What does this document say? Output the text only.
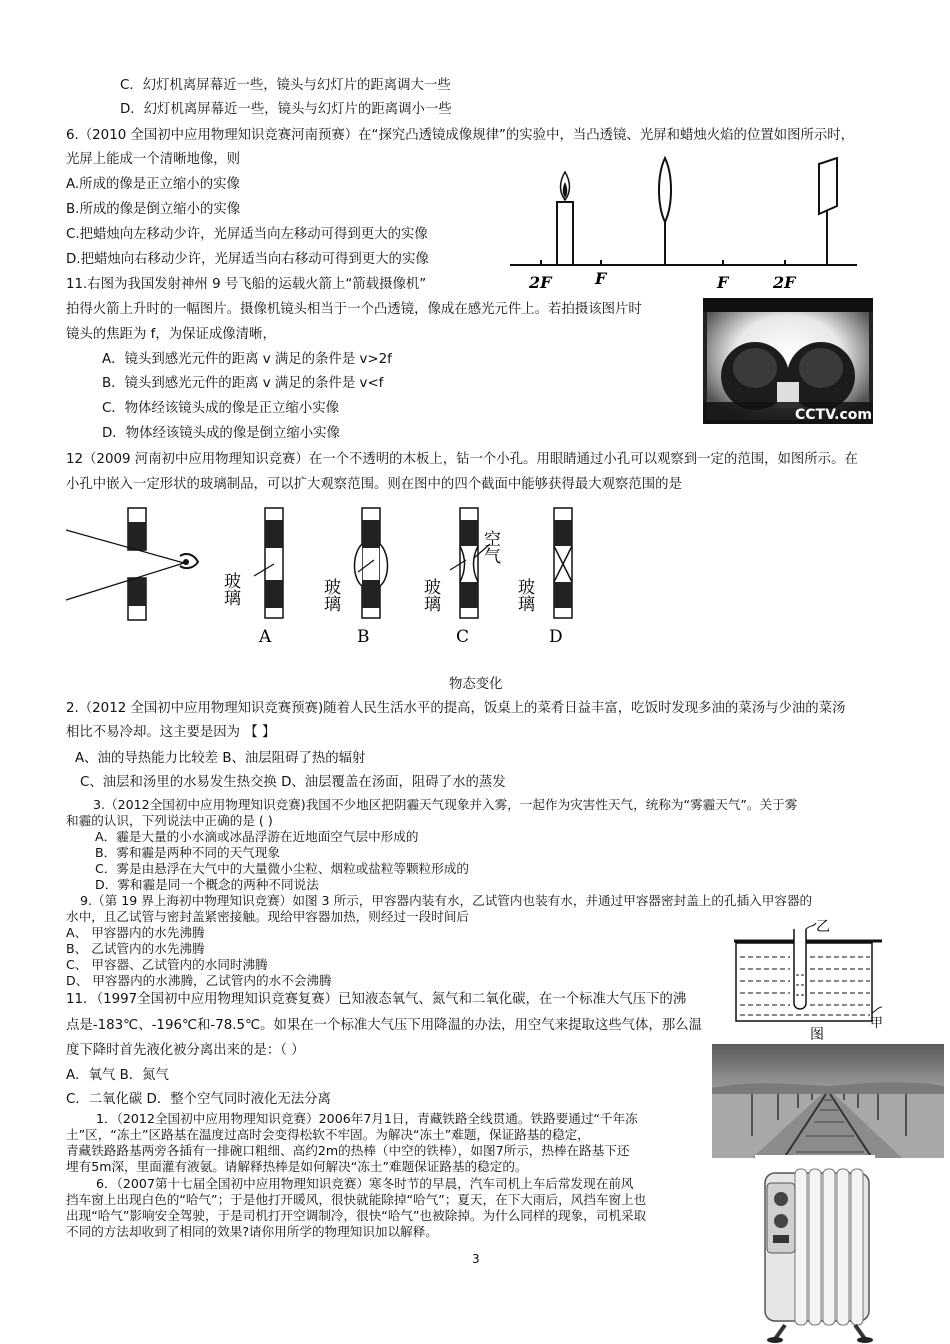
C．幻灯机离屏幕近一些，镜头与幻灯片的距离调大一些
D．幻灯机离屏幕近一些，镜头与幻灯片的距离调小一些
6.（2010 全国初中应用物理知识竞赛河南预赛）在“探究凸透镜成像规律”的实验中，当凸透镜、光屏和蜡烛火焰的位置如图所示时，
光屏上能成一个清晰地像，则
A.所成的像是正立缩小的实像
B.所成的像是倒立缩小的实像
C.把蜡烛向左移动少许，光屏适当向左移动可得到更大的实像
D.把蜡烛向右移动少许，光屏适当向右移动可得到更大的实像
11.右图为我国发射神州 9 号飞船的运载火箭上“箭载摄像机”
拍得火箭上升时的一幅图片。摄像机镜头相当于一个凸透镜，像成在感光元件上。若拍摄该图片时
镜头的焦距为 f，为保证成像清晰，
A．镜头到感光元件的距离 v 满足的条件是 v>2f
B．镜头到感光元件的距离 v 满足的条件是 v<f
C．物体经该镜头成的像是正立缩小实像
D．物体经该镜头成的像是倒立缩小实像
12（2009 河南初中应用物理知识竞赛）在一个不透明的木板上，钻一个小孔。用眼睛通过小孔可以观察到一定的范围，如图所示。在
小孔中嵌入一定形状的玻璃制品，可以扩大观察范围。则在图中的四个截面中能够获得最大观察范围的是
物态变化
2.（2012 全国初中应用物理知识竞赛预赛)随着人民生活水平的提高，饭桌上的菜肴日益丰富，吃饭时发现多油的菜汤与少油的菜汤
相比不易冷却。这主要是因为 【 】
A、油的导热能力比较差 B、油层阻碍了热的辐射
C、油层和汤里的水易发生热交换 D、油层覆盖在汤面，阻碍了水的蒸发
3.（2012全国初中应用物理知识竞赛)我国不少地区把阴霾天气现象并入雾，一起作为灾害性天气，统称为“雾霾天气”。关于雾
和霾的认识，下列说法中正确的是 ( )
A．霾是大量的小水滴或冰晶浮游在近地面空气层中形成的
B．雾和霾是两种不同的天气现象
C．雾是由悬浮在大气中的大量微小尘粒、烟粒或盐粒等颗粒形成的
D．雾和霾是同一个概念的两种不同说法
9.（第 19 界上海初中物理知识竞赛）如图 3 所示，甲容器内装有水，乙试管内也装有水，并通过甲容器密封盖上的孔插入甲容器的
水中，且乙试管与密封盖紧密接触。现给甲容器加热，则经过一段时间后
A、 甲容器内的水先沸腾
B、 乙试管内的水先沸腾
C、 甲容器、乙试管内的水同时沸腾
D、 甲容器内的水沸腾，乙试管内的水不会沸腾
11．（1997全国初中应用物理知识竞赛复赛）已知液态氧气、氮气和二氧化碳，在一个标准大气压下的沸
点是-183℃、-196℃和-78.5℃。如果在一个标准大气压下用降温的办法，用空气来提取这些气体，那么温
度下降时首先液化被分离出来的是：（ ）
A．氧气 B．氮气
C．二氧化碳 D．整个空气同时液化无法分离
1．（2012全国初中应用物理知识竞赛）2006年7月1日，青藏铁路全线贯通。铁路要通过“千年冻
土”区，“冻土”区路基在温度过高时会变得松软不牢固。为解决“冻土”难题，保证路基的稳定，
青藏铁路路基两旁各插有一排碗口粗细、高约2m的热棒（中空的铁棒），如图7所示，热棒在路基下还
埋有5m深，里面灌有液氨。请解释热棒是如何解决“冻土”难题保证路基的稳定的。
6．（2007第十七届全国初中应用物理知识竞赛）寒冬时节的早晨，汽车司机上车后常发现在前风
挡车窗上出现白色的“哈气”；于是他打开暖风，很快就能除掉“哈气”；夏天，在下大雨后，风挡车窗上也
出现“哈气”影响安全驾驶，于是司机打开空调制冷，很快“哈气”也被除掉。为什么同样的现象，司机采取
不同的方法却收到了相同的效果?请你用所学的物理知识加以解释。
3
2F	F	F	2F
CCTV.com
玻璃	玻璃	玻璃	玻璃
空气
A	B	C	D
乙
甲
图
